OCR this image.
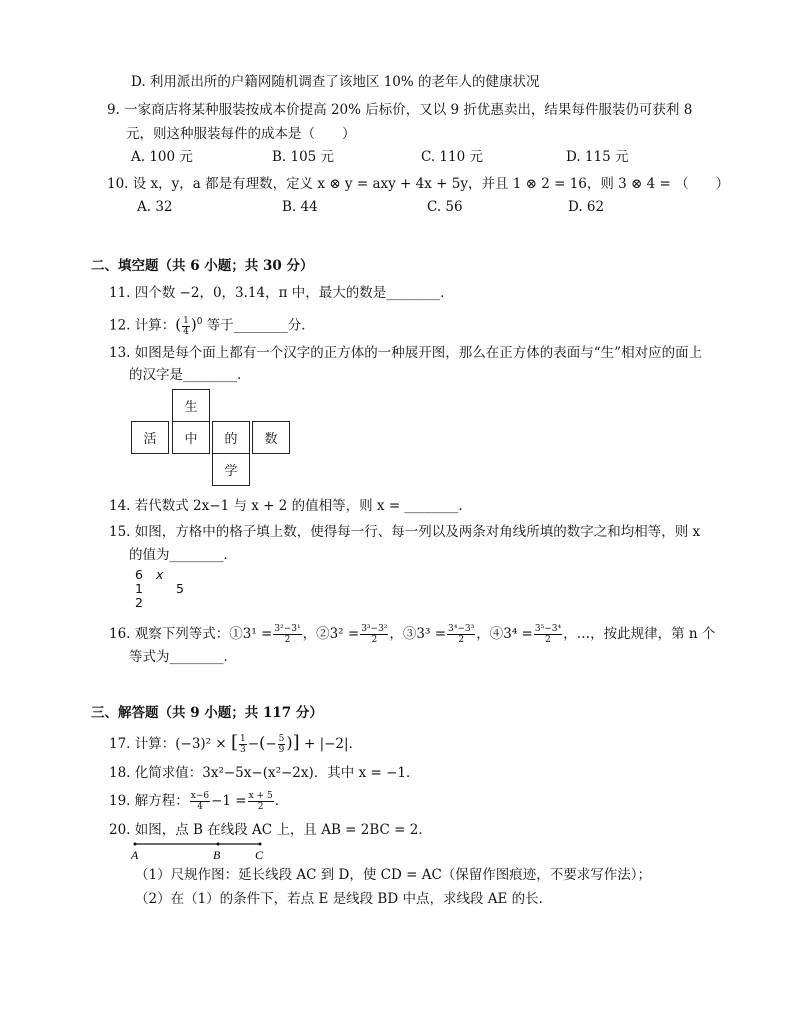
D. 利用派出所的户籍网随机调查了该地区 10% 的老年人的健康状况
9. 一家商店将某种服装按成本价提高 20% 后标价，又以 9 折优惠卖出，结果每件服装仍可获利 8
元，则这种服装每件的成本是（　　）
A. 100 元	B. 105 元	C. 110 元	D. 115 元
10. 设 x，y，a 都是有理数，定义 x ⊗ y = axy + 4x + 5y，并且 1 ⊗ 2 = 16，则 3 ⊗ 4 = （　　）
A. 32	B. 44	C. 56	D. 62
二、填空题（共 6 小题；共 30 分）
11. 四个数 −2，0，3.14，π 中，最大的数是________．
12. 计算：( $\frac{1}{4} )^0$ 等于________分．
13. 如图是每个面上都有一个汉字的正方体的一种展开图，那么在正方体的表面与“生”相对应的面上
的汉字是________．
生
活	中	的	数
学
14. 若代数式 2x−1 与 x + 2 的值相等，则 x = ________．
15. 如图，方格中的格子填上数，使得每一行、每一列以及两条对角线所填的数字之和均相等，则 x
的值为________．
6 x
1	5
2
16. 观察下列等式：①3¹ = $\frac{\text{3²−3¹}}{2}$ ，②3² = $\frac{\text{3³−3²}}{2}$ ，③3³ = $\frac{\text{3⁴−3³}}{2}$ ，④3⁴ = $\frac{\text{3⁵−3⁴}}{2}$ ，…，按此规律，第 n 个
等式为________．
三、解答题（共 9 小题；共 117 分）
17. 计算：(−3)² × [ $\frac{1}{3}$ −(− $\frac{5}{9}$ )] + |−2|．
18. 化简求值：3x²−5x−(x²−2x)．其中 x = −1．
19. 解方程： $\frac{x-6}{4} -1 = \frac{x + 5}{2}$ ．
20. 如图，点 B 在线段 AC 上，且 AB = 2BC = 2．
A	B	C
（1）尺规作图：延长线段 AC 到 D，使 CD = AC（保留作图痕迹，不要求写作法）；
（2）在（1）的条件下，若点 E 是线段 BD 中点，求线段 AE 的长．
